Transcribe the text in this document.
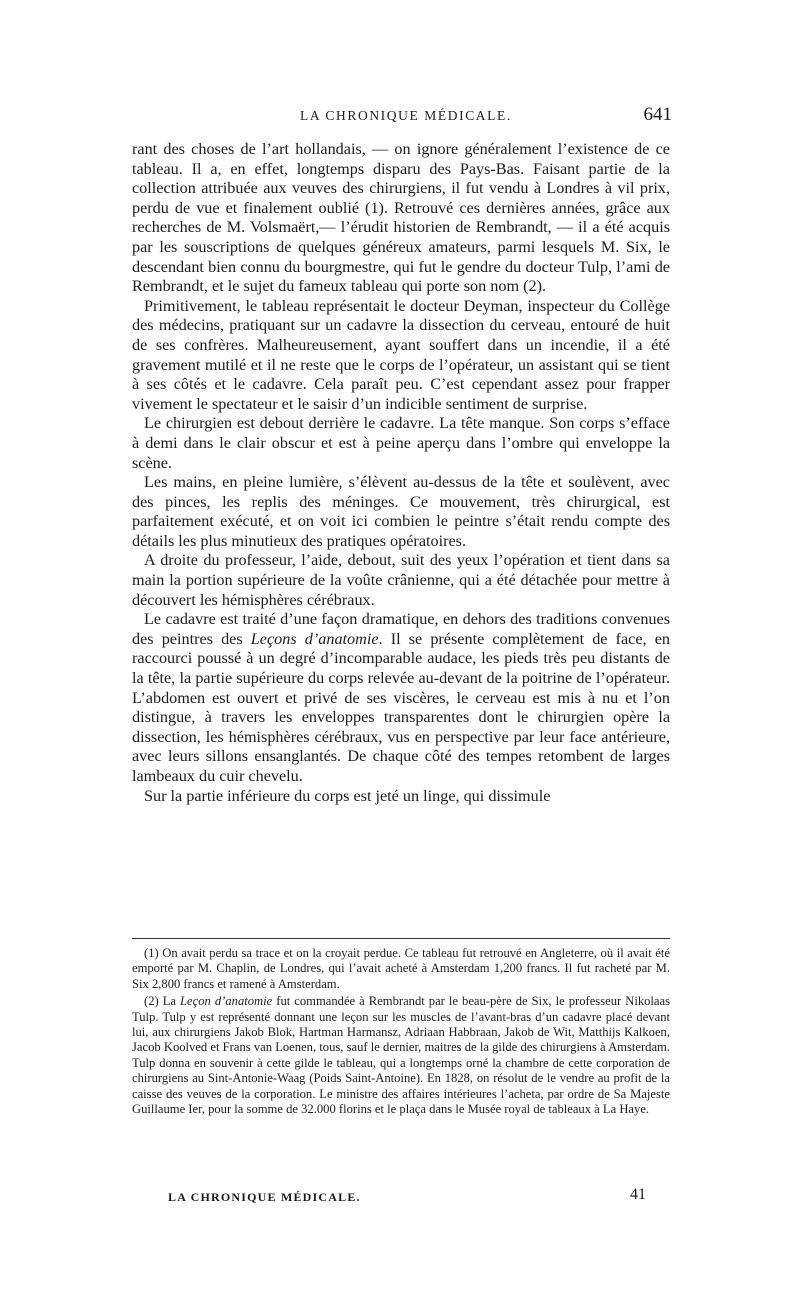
LA CHRONIQUE MÉDICALE.	641

rant des choses de l’art hollandais, — on ignore généralement l’existence de ce tableau. Il a, en effet, longtemps disparu des Pays-Bas. Faisant partie de la collection attribuée aux veuves des chirurgiens, il fut vendu à Londres à vil prix, perdu de vue et finalement oublié (1). Retrouvé ces dernières années, grâce aux recherches de M. Volsmaërt,— l’érudit historien de Rembrandt, — il a été acquis par les souscriptions de quelques généreux amateurs, parmi lesquels M. Six, le descendant bien connu du bourgmestre, qui fut le gendre du docteur Tulp, l’ami de Rembrandt, et le sujet du fameux tableau qui porte son nom (2).

Primitivement, le tableau représentait le docteur Deyman, inspecteur du Collège des médecins, pratiquant sur un cadavre la dissection du cerveau, entouré de huit de ses confrères. Malheureusement, ayant souffert dans un incendie, il a été gravement mutilé et il ne reste que le corps de l’opérateur, un assistant qui se tient à ses côtés et le cadavre. Cela paraît peu. C’est cependant assez pour frapper vivement le spectateur et le saisir d’un indicible sentiment de surprise.

Le chirurgien est debout derrière le cadavre. La tête manque. Son corps s’efface à demi dans le clair obscur et est à peine aperçu dans l’ombre qui enveloppe la scène.

Les mains, en pleine lumière, s’élèvent au-dessus de la tête et soulèvent, avec des pinces, les replis des méninges. Ce mouvement, très chirurgical, est parfaitement exécuté, et on voit ici combien le peintre s’était rendu compte des détails les plus minutieux des pratiques opératoires.

A droite du professeur, l’aide, debout, suit des yeux l’opération et tient dans sa main la portion supérieure de la voûte crânienne, qui a été détachée pour mettre à découvert les hémisphères cérébraux.

Le cadavre est traité d’une façon dramatique, en dehors des traditions convenues des peintres des Leçons d’anatomie. Il se présente complètement de face, en raccourci poussé à un degré d’incomparable audace, les pieds très peu distants de la tête, la partie supérieure du corps relevée au-devant de la poitrine de l’opérateur. L’abdomen est ouvert et privé de ses viscères, le cerveau est mis à nu et l’on distingue, à travers les enveloppes transparentes dont le chirurgien opère la dissection, les hémisphères cérébraux, vus en perspective par leur face antérieure, avec leurs sillons ensanglantés. De chaque côté des tempes retombent de larges lambeaux du cuir chevelu.

Sur la partie inférieure du corps est jeté un linge, qui dissimule

(1) On avait perdu sa trace et on la croyait perdue. Ce tableau fut retrouvé en Angleterre, où il avait été emporté par M. Chaplin, de Londres, qui l’avait acheté à Amsterdam 1,200 francs. Il fut racheté par M. Six 2,800 francs et ramené à Amsterdam.

(2) La Leçon d’anatomie fut commandée à Rembrandt par le beau-père de Six, le professeur Nikolaas Tulp. Tulp y est représenté donnant une leçon sur les muscles de l’avant-bras d’un cadavre placé devant lui, aux chirurgiens Jakob Blok, Hartman Harmansz, Adriaan Habbraan, Jakob de Wit, Matthijs Kalkoen, Jacob Koolved et Frans van Loenen, tous, sauf le dernier, maitres de la gilde des chirurgiens à Amsterdam. Tulp donna en souvenir à cette gilde le tableau, qui a longtemps orné la chambre de cette corporation de chirurgiens au Sint-Antonie-Waag (Poids Saint-Antoine). En 1828, on résolut de le vendre au profit de la caisse des veuves de la corporation. Le ministre des affaires intérieures l’acheta, par ordre de Sa Majeste Guillaume Ier, pour la somme de 32.000 florins et le plaça dans le Musée royal de tableaux à La Haye.

LA CHRONIQUE MÉDICALE.	41
